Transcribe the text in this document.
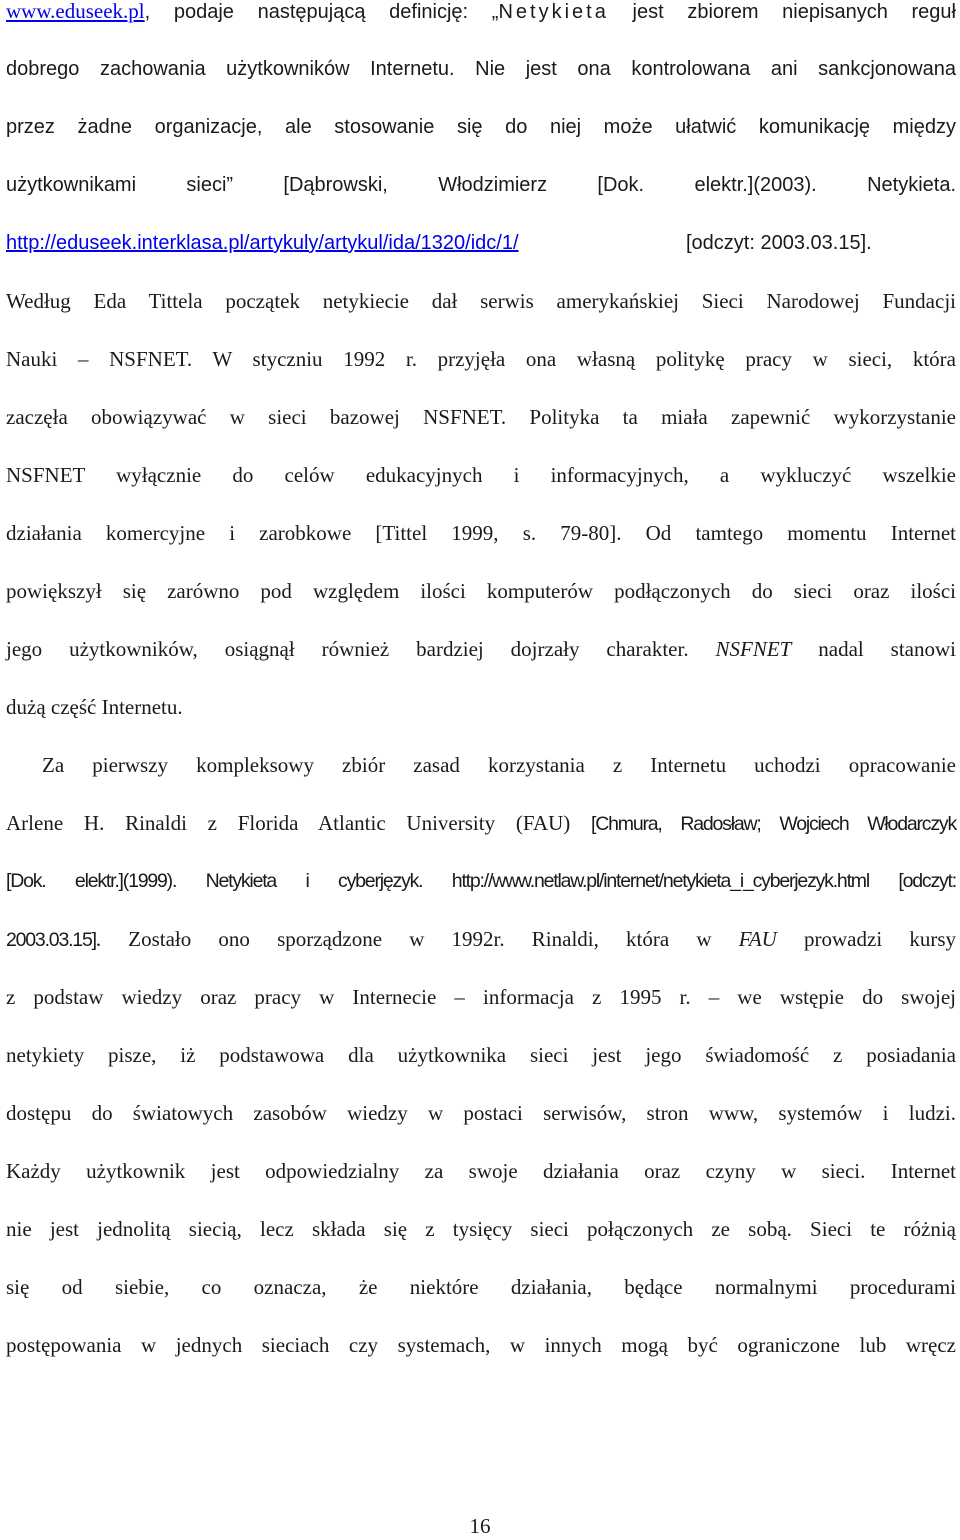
www.eduseek.pl, podaje następującą definicję: „Netykieta jest zbiorem niepisanych reguł
dobrego zachowania użytkowników Internetu. Nie jest ona kontrolowana ani sankcjonowana
przez żadne organizacje, ale stosowanie się do niej może ułatwić komunikację między
użytkownikami sieci” [Dąbrowski, Włodzimierz [Dok. elektr.](2003). Netykieta.
http://eduseek.interklasa.pl/artykuly/artykul/ida/1320/idc/1/	[odczyt: 2003.03.15].
Według Eda Tittela początek netykiecie dał serwis amerykańskiej Sieci Narodowej Fundacji
Nauki – NSFNET. W styczniu 1992 r. przyjęła ona własną politykę pracy w sieci, która
zaczęła obowiązywać w sieci bazowej NSFNET. Polityka ta miała zapewnić wykorzystanie
NSFNET wyłącznie do celów edukacyjnych i informacyjnych, a wykluczyć wszelkie
działania komercyjne i zarobkowe [Tittel 1999, s. 79-80]. Od tamtego momentu Internet
powiększył się zarówno pod względem ilości komputerów podłączonych do sieci oraz ilości
jego użytkowników, osiągnął również bardziej dojrzały charakter. NSFNET nadal stanowi
dużą część Internetu.
Za pierwszy kompleksowy zbiór zasad korzystania z Internetu uchodzi opracowanie
Arlene H. Rinaldi z Florida Atlantic University (FAU) [Chmura, Radosław; Wojciech Włodarczyk
[Dok. elektr.](1999). Netykieta i cyberjęzyk. http://www.netlaw.pl/internet/netykieta_i_cyberjezyk.html [odczyt:
2003.03.15]. Zostało ono sporządzone w 1992r. Rinaldi, która w FAU prowadzi kursy
z podstaw wiedzy oraz pracy w Internecie – informacja z 1995 r. – we wstępie do swojej
netykiety pisze, iż podstawowa dla użytkownika sieci jest jego świadomość z posiadania
dostępu do światowych zasobów wiedzy w postaci serwisów, stron www, systemów i ludzi.
Każdy użytkownik jest odpowiedzialny za swoje działania oraz czyny w sieci. Internet
nie jest jednolitą siecią, lecz składa się z tysięcy sieci połączonych ze sobą. Sieci te różnią
się od siebie, co oznacza, że niektóre działania, będące normalnymi procedurami
postępowania w jednych sieciach czy systemach, w innych mogą być ograniczone lub wręcz
16
